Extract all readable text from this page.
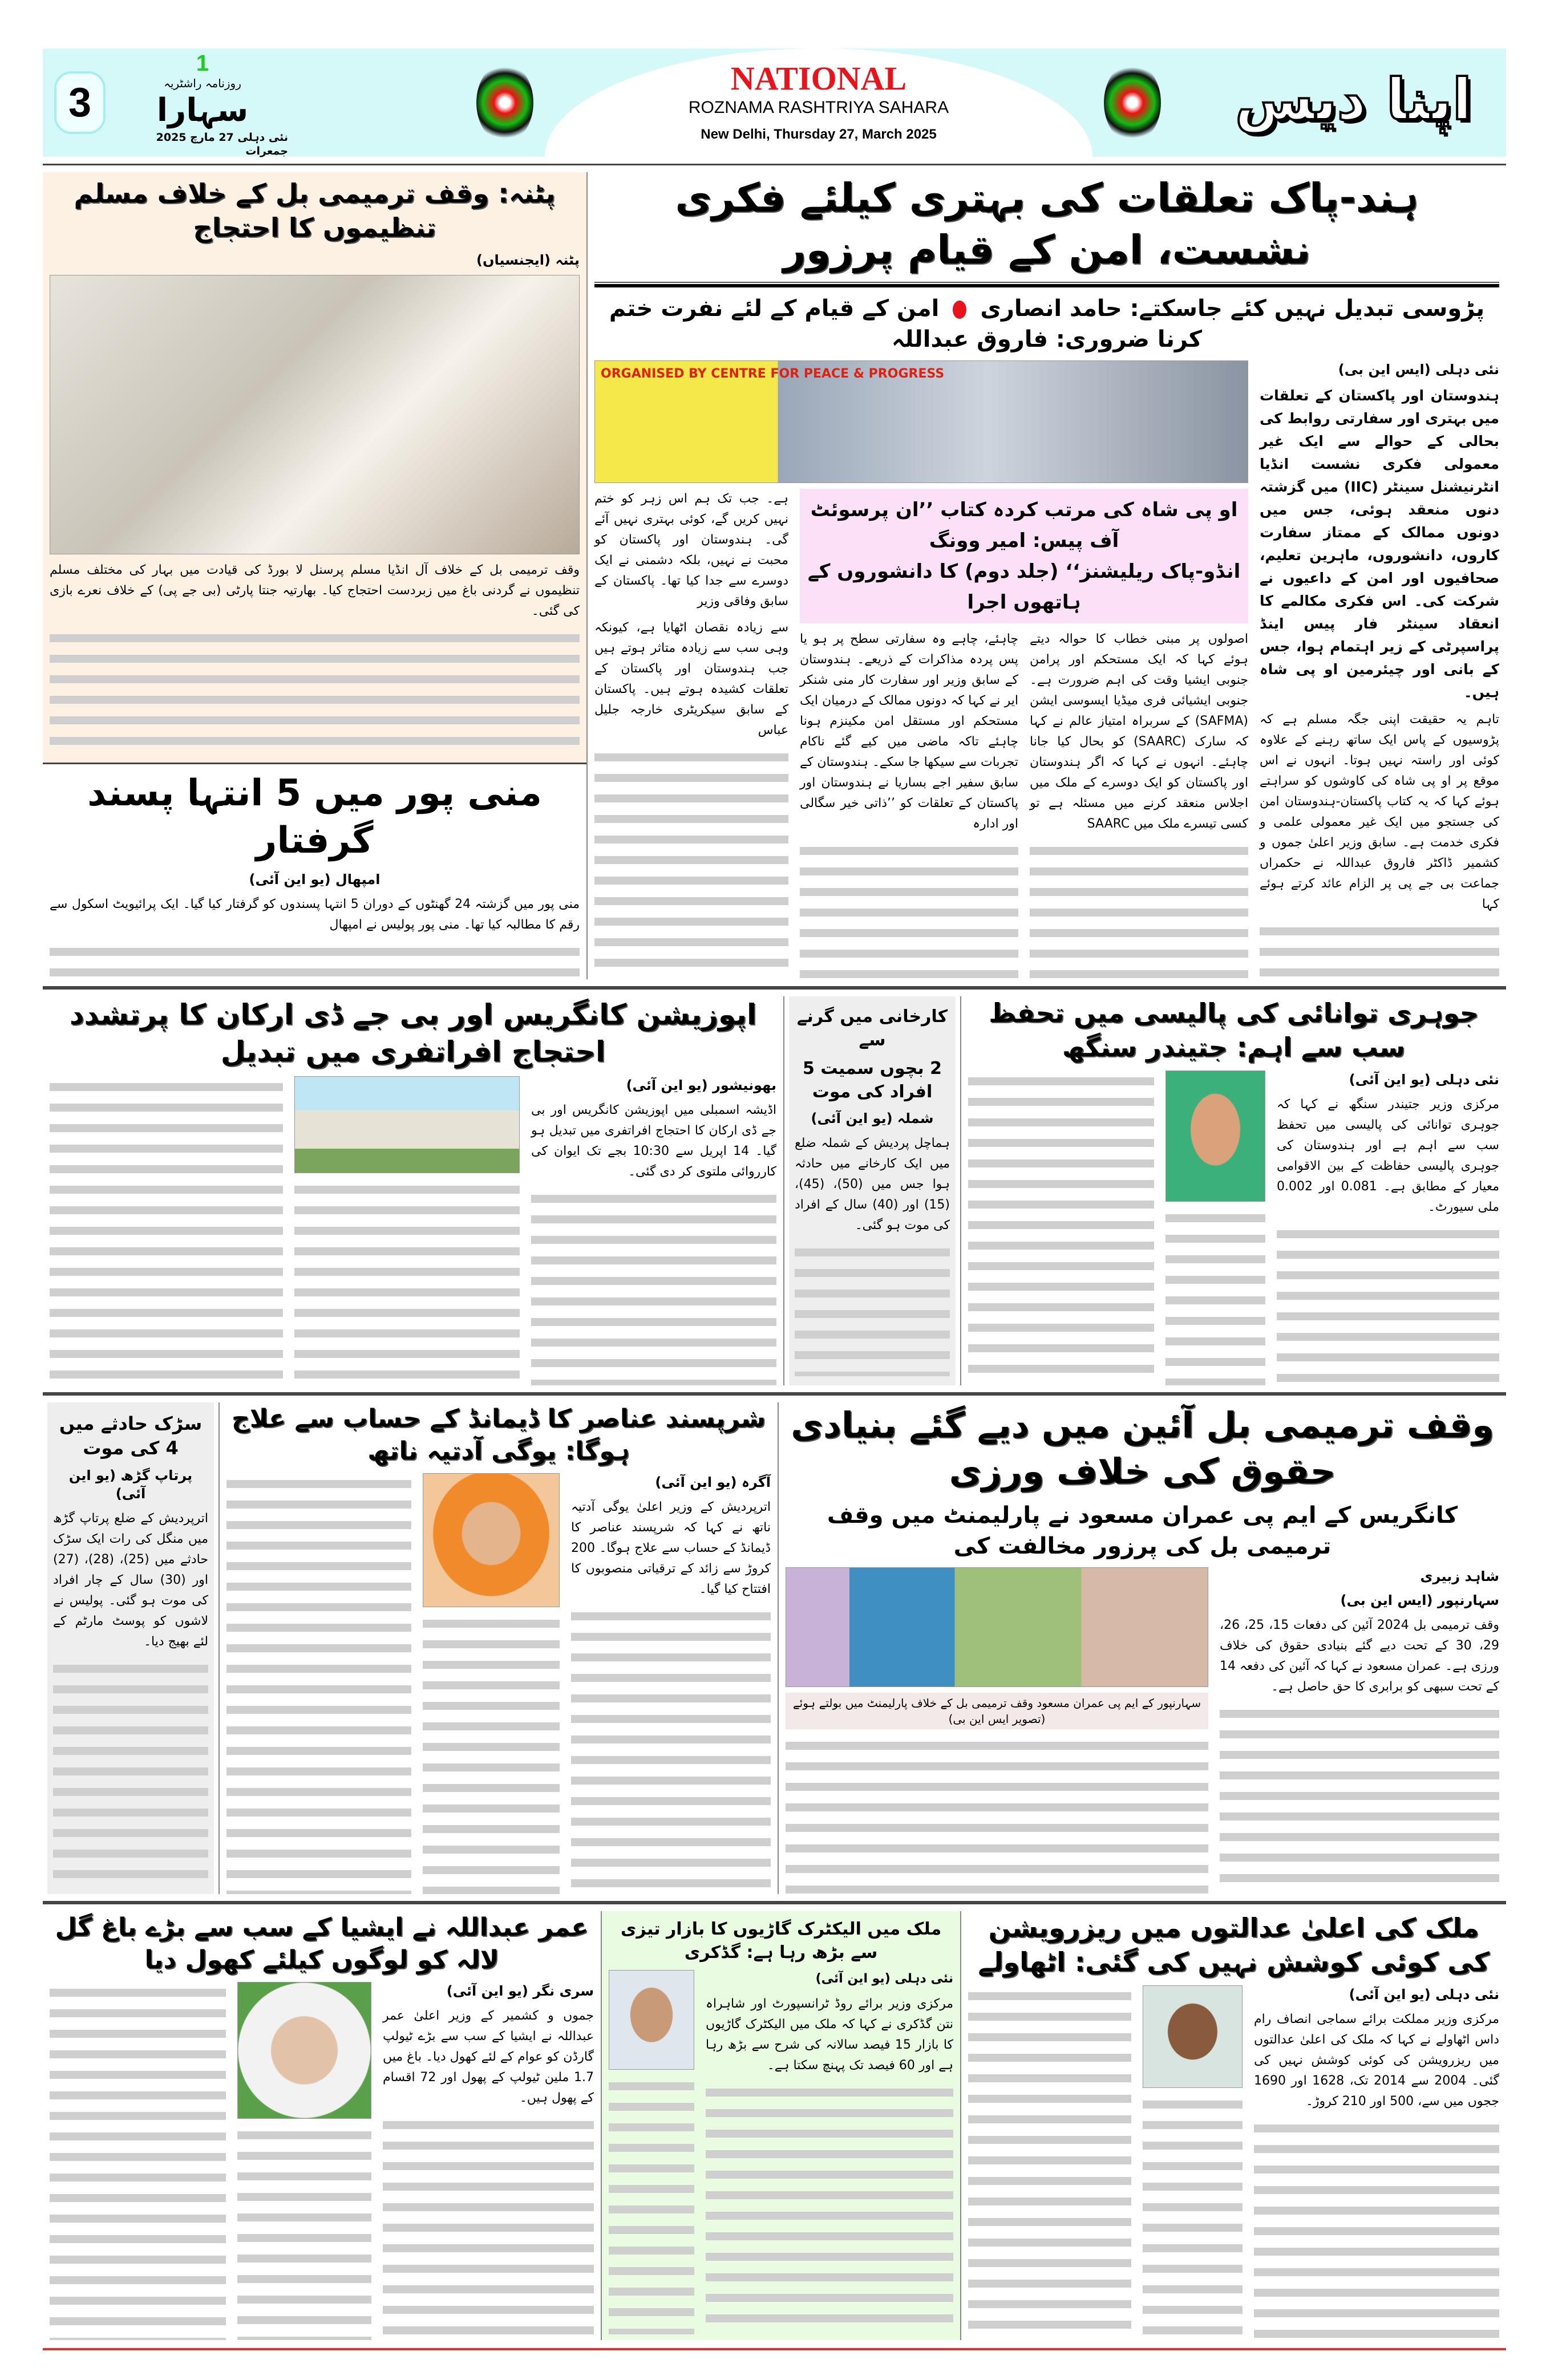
3
1
روزنامہ راشٹریہ
سہارا
نئی دہلی 27 مارچ 2025 جمعرات
NATIONAL
ROZNAMA RASHTRIYA SAHARA
New Delhi, Thursday 27, March 2025
اپنا دیس
ہند-پاک تعلقات کی بہتری کیلئے فکری نشست، امن کے قیام پرزور
پڑوسی تبدیل نہیں کئے جاسکتے: حامد انصاری  امن کے قیام کے لئے نفرت ختم کرنا ضروری: فاروق عبداللہ
نئی دہلی (ایس این بی)
ہندوستان اور پاکستان کے تعلقات میں بہتری اور سفارتی روابط کی بحالی کے حوالے سے ایک غیر معمولی فکری نشست انڈیا انٹرنیشنل سینٹر (IIC) میں گزشتہ دنوں منعقد ہوئی، جس میں دونوں ممالک کے ممتاز سفارت کاروں، دانشوروں، ماہرین تعلیم، صحافیوں اور امن کے داعیوں نے شرکت کی۔ اس فکری مکالمے کا انعقاد سینٹر فار پیس اینڈ پراسپرٹی کے زیر اہتمام ہوا، جس کے بانی اور چیئرمین او پی شاہ ہیں۔
تاہم یہ حقیقت اپنی جگہ مسلم ہے کہ پڑوسیوں کے پاس ایک ساتھ رہنے کے علاوہ کوئی اور راستہ نہیں ہوتا۔ انہوں نے اس موقع پر او پی شاہ کی کاوشوں کو سراہتے ہوئے کہا کہ یہ کتاب پاکستان-ہندوستان امن کی جستجو میں ایک غیر معمولی علمی و فکری خدمت ہے۔ سابق وزیر اعلیٰ جموں و کشمیر ڈاکٹر فاروق عبداللہ نے حکمراں جماعت بی جے پی پر الزام عائد کرتے ہوئے کہا
ORGANISED BY CENTRE FOR PEACE & PROGRESS
او پی شاہ کی مرتب کردہ کتاب ’’ان پرسوئٹ آف پیس: امیر وونگ
انڈو-پاک ریلیشنز‘‘ (جلد دوم) کا دانشوروں کے ہاتھوں اجرا
اصولوں پر مبنی خطاب کا حوالہ دیتے ہوئے کہا کہ ایک مستحکم اور پرامن جنوبی ایشیا وقت کی اہم ضرورت ہے۔ جنوبی ایشیائی فری میڈیا ایسوسی ایشن (SAFMA) کے سربراہ امتیاز عالم نے کہا کہ سارک (SAARC) کو بحال کیا جانا چاہئے۔ انہوں نے کہا کہ اگر ہندوستان اور پاکستان کو ایک دوسرے کے ملک میں اجلاس منعقد کرنے میں مسئلہ ہے تو کسی تیسرے ملک میں SAARC
چاہئے، چاہے وہ سفارتی سطح پر ہو یا پس پردہ مذاکرات کے ذریعے۔ ہندوستان کے سابق وزیر اور سفارت کار منی شنکر ایر نے کہا کہ دونوں ممالک کے درمیان ایک مستحکم اور مستقل امن مکینزم ہونا چاہئے تاکہ ماضی میں کیے گئے ناکام تجربات سے سیکھا جا سکے۔ ہندوستان کے سابق سفیر اجے بساریا نے ہندوستان اور پاکستان کے تعلقات کو ’’ذاتی خیر سگالی اور ادارہ
ہے۔ جب تک ہم اس زہر کو ختم نہیں کریں گے، کوئی بہتری نہیں آئے گی۔ ہندوستان اور پاکستان کو محبت نے نہیں، بلکہ دشمنی نے ایک دوسرے سے جدا کیا تھا۔ پاکستان کے سابق وفاقی وزیر
سے زیادہ نقصان اٹھایا ہے، کیونکہ وہی سب سے زیادہ متاثر ہوتے ہیں جب ہندوستان اور پاکستان کے تعلقات کشیدہ ہوتے ہیں۔ پاکستان کے سابق سیکریٹری خارجہ جلیل عباس
پٹنہ: وقف ترمیمی بل کے خلاف مسلم تنظیموں کا احتجاج
پٹنہ (ایجنسیاں)
وقف ترمیمی بل کے خلاف آل انڈیا مسلم پرسنل لا بورڈ کی قیادت میں بہار کی مختلف مسلم تنظیموں نے گردنی باغ میں زبردست احتجاج کیا۔ بھارتیہ جنتا پارٹی (بی جے پی) کے خلاف نعرے بازی کی گئی۔
منی پور میں 5 انتہا پسند گرفتار
امپھال (یو این آئی)
منی پور میں گزشتہ 24 گھنٹوں کے دوران 5 انتہا پسندوں کو گرفتار کیا گیا۔ ایک پرائیویٹ اسکول سے رقم کا مطالبہ کیا تھا۔ منی پور پولیس نے امپھال
جوہری توانائی کی پالیسی میں تحفظ سب سے اہم: جتیندر سنگھ
نئی دہلی (یو این آئی)
مرکزی وزیر جتیندر سنگھ نے کہا کہ جوہری توانائی کی پالیسی میں تحفظ سب سے اہم ہے اور ہندوستان کی جوہری پالیسی حفاظت کے بین الاقوامی معیار کے مطابق ہے۔ 0.081 اور 0.002 ملی سیورٹ۔
کارخانی میں گرنے سے
2 بچوں سمیت 5 افراد کی موت
شملہ (یو این آئی)
ہماچل پردیش کے شملہ ضلع میں ایک کارخانے میں حادثہ ہوا جس میں (50)، (45)، (15) اور (40) سال کے افراد کی موت ہو گئی۔
اپوزیشن کانگریس اور بی جے ڈی ارکان کا پرتشدد احتجاج افراتفری میں تبدیل
بھونیشور (یو این آئی)
اڈیشہ اسمبلی میں اپوزیشن کانگریس اور بی جے ڈی ارکان کا احتجاج افراتفری میں تبدیل ہو گیا۔ 14 اپریل سے 10:30 بجے تک ایوان کی کارروائی ملتوی کر دی گئی۔
وقف ترمیمی بل آئین میں دیے گئے بنیادی حقوق کی خلاف ورزی
کانگریس کے ایم پی عمران مسعود نے پارلیمنٹ میں وقف ترمیمی بل کی پرزور مخالفت کی
شاہد زبیری
سہارنپور (ایس این بی)
وقف ترمیمی بل 2024 آئین کی دفعات 15، 25، 26، 29، 30 کے تحت دیے گئے بنیادی حقوق کی خلاف ورزی ہے۔ عمران مسعود نے کہا کہ آئین کی دفعہ 14 کے تحت سبھی کو برابری کا حق حاصل ہے۔
سہارنپور کے ایم پی عمران مسعود وقف ترمیمی بل کے خلاف پارلیمنٹ میں بولتے ہوئے (تصویر ایس این بی)
شرپسند عناصر کا ڈیمانڈ کے حساب سے علاج ہوگا: یوگی آدتیہ ناتھ
آگرہ (یو این آئی)
اترپردیش کے وزیر اعلیٰ یوگی آدتیہ ناتھ نے کہا کہ شرپسند عناصر کا ڈیمانڈ کے حساب سے علاج ہوگا۔ 200 کروڑ سے زائد کے ترقیاتی منصوبوں کا افتتاح کیا گیا۔
سڑک حادثے میں 4 کی موت
پرتاپ گڑھ (یو این آئی)
اترپردیش کے ضلع پرتاپ گڑھ میں منگل کی رات ایک سڑک حادثے میں (25)، (28)، (27) اور (30) سال کے چار افراد کی موت ہو گئی۔ پولیس نے لاشوں کو پوسٹ مارٹم کے لئے بھیج دیا۔
ملک کی اعلیٰ عدالتوں میں ریزرویشن کی کوئی کوشش نہیں کی گئی: اٹھاولے
نئی دہلی (یو این آئی)
مرکزی وزیر مملکت برائے سماجی انصاف رام داس اٹھاولے نے کہا کہ ملک کی اعلیٰ عدالتوں میں ریزرویشن کی کوئی کوشش نہیں کی گئی۔ 2004 سے 2014 تک، 1628 اور 1690 ججوں میں سے، 500 اور 210 کروڑ۔
ملک میں الیکٹرک گاڑیوں کا بازار تیزی سے بڑھ رہا ہے: گڈکری
نئی دہلی (یو این آئی)
مرکزی وزیر برائے روڈ ٹرانسپورٹ اور شاہراہ نتن گڈکری نے کہا کہ ملک میں الیکٹرک گاڑیوں کا بازار 15 فیصد سالانہ کی شرح سے بڑھ رہا ہے اور 60 فیصد تک پہنچ سکتا ہے۔
عمر عبداللہ نے ایشیا کے سب سے بڑے باغ گل لالہ کو لوگوں کیلئے کھول دیا
سری نگر (یو این آئی)
جموں و کشمیر کے وزیر اعلیٰ عمر عبداللہ نے ایشیا کے سب سے بڑے ٹیولپ گارڈن کو عوام کے لئے کھول دیا۔ باغ میں 1.7 ملین ٹیولپ کے پھول اور 72 اقسام کے پھول ہیں۔
